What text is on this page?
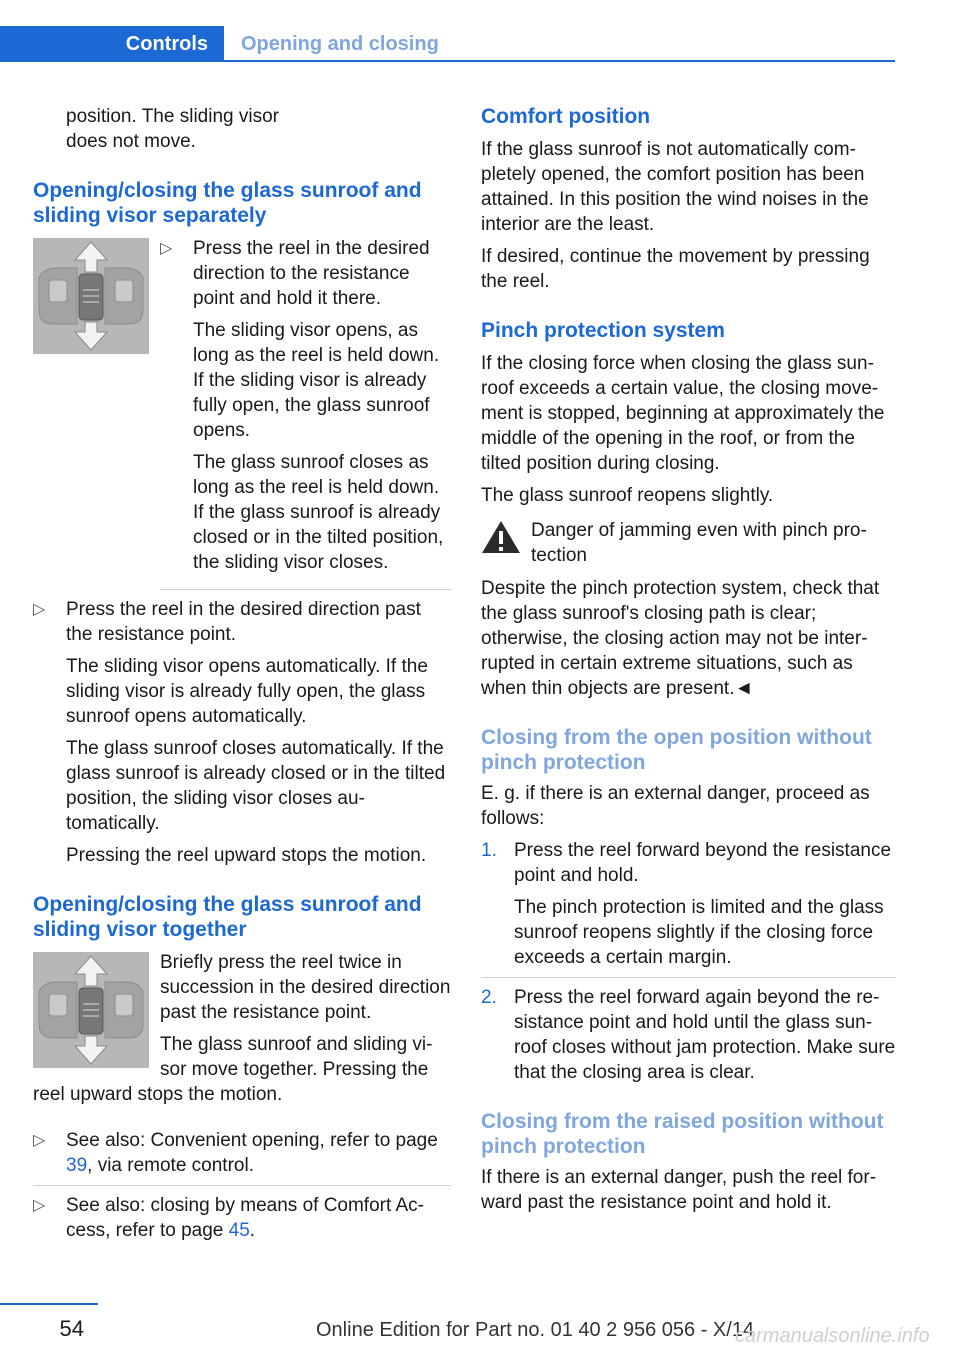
Controls	Opening and closing

position. The sliding visor
does not move.

Opening/closing the glass sunroof and sliding visor separately
▷ Press the reel in the desired direction to the resistance point and hold it there.

The sliding visor opens, as long as the reel is held down. If the sliding visor is already fully open, the glass sunroof opens.

The glass sunroof closes as long as the reel is held down. If the glass sunroof is already closed or in the tilted position, the sliding visor closes.

▷ Press the reel in the desired direction past the resistance point.

The sliding visor opens automatically. If the sliding visor is already fully open, the glass sunroof opens automatically.

The glass sunroof closes automatically. If the glass sunroof is already closed or in the tilted position, the sliding visor closes automatically.

Pressing the reel upward stops the motion.

Opening/closing the glass sunroof and sliding visor together

Briefly press the reel twice in succession in the desired direction past the resistance point.

The glass sunroof and sliding visor move together. Pressing the reel upward stops the motion.

▷ See also: Convenient opening, refer to page 39, via remote control.

▷ See also: closing by means of Comfort Access, refer to page 45.

Comfort position

If the glass sunroof is not automatically completely opened, the comfort position has been attained. In this position the wind noises in the interior are the least.

If desired, continue the movement by pressing the reel.

Pinch protection system

If the closing force when closing the glass sunroof exceeds a certain value, the closing movement is stopped, beginning at approximately the middle of the opening in the roof, or from the tilted position during closing.

The glass sunroof reopens slightly.

Danger of jamming even with pinch protection

Despite the pinch protection system, check that the glass sunroof's closing path is clear; otherwise, the closing action may not be interrupted in certain extreme situations, such as when thin objects are present.◄

Closing from the open position without pinch protection

E. g. if there is an external danger, proceed as follows:

1. Press the reel forward beyond the resistance point and hold.

The pinch protection is limited and the glass sunroof reopens slightly if the closing force exceeds a certain margin.

2. Press the reel forward again beyond the resistance point and hold until the glass sunroof closes without jam protection. Make sure that the closing area is clear.

Closing from the raised position without pinch protection

If there is an external danger, push the reel forward past the resistance point and hold it.

54	Online Edition for Part no. 01 40 2 956 056 - X/14
carmanualsonline.info
